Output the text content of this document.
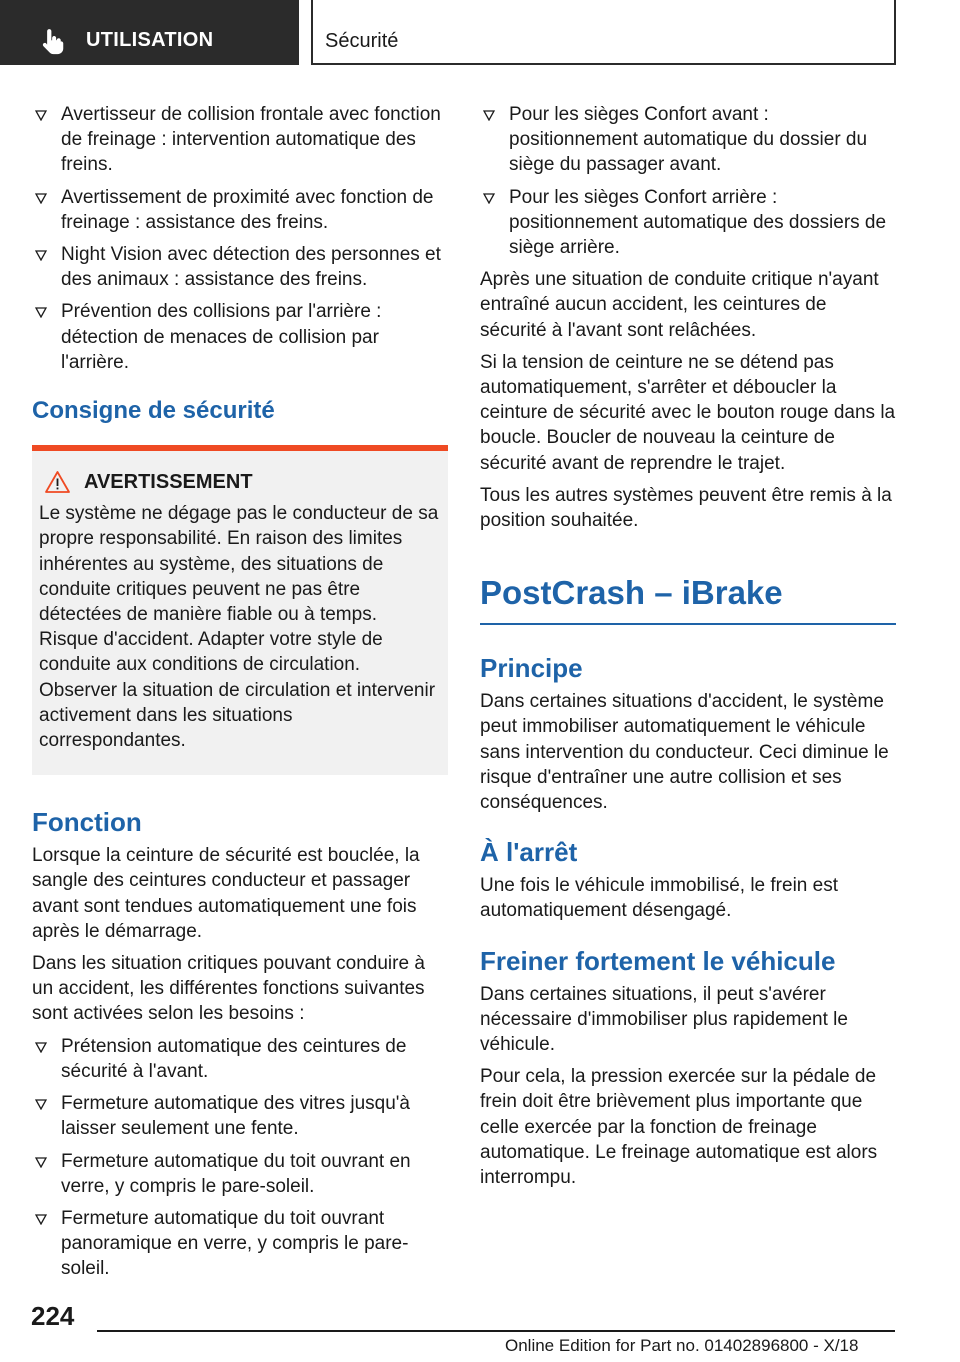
UTILISATION	Sécurité
Avertisseur de collision frontale avec fonction de freinage : intervention automatique des freins.
Avertissement de proximité avec fonction de freinage : assistance des freins.
Night Vision avec détection des personnes et des animaux : assistance des freins.
Prévention des collisions par l'arrière : détection de menaces de collision par l'arrière.
Consigne de sécurité
AVERTISSEMENT
Le système ne dégage pas le conducteur de sa propre responsabilité. En raison des limites inhérentes au système, des situations de conduite critiques peuvent ne pas être détectées de manière fiable ou à temps. Risque d'accident. Adapter votre style de conduite aux conditions de circulation. Observer la situation de circulation et intervenir activement dans les situations correspondantes.
Fonction
Lorsque la ceinture de sécurité est bouclée, la sangle des ceintures conducteur et passager avant sont tendues automatiquement une fois après le démarrage.
Dans les situation critiques pouvant conduire à un accident, les différentes fonctions suivantes sont activées selon les besoins :
Prétension automatique des ceintures de sécurité à l'avant.
Fermeture automatique des vitres jusqu'à laisser seulement une fente.
Fermeture automatique du toit ouvrant en verre, y compris le pare-soleil.
Fermeture automatique du toit ouvrant panoramique en verre, y compris le pare-soleil.
Pour les sièges Confort avant : positionnement automatique du dossier du siège du passager avant.
Pour les sièges Confort arrière : positionnement automatique des dossiers de siège arrière.
Après une situation de conduite critique n'ayant entraîné aucun accident, les ceintures de sécurité à l'avant sont relâchées.
Si la tension de ceinture ne se détend pas automatiquement, s'arrêter et déboucler la ceinture de sécurité avec le bouton rouge dans la boucle. Boucler de nouveau la ceinture de sécurité avant de reprendre le trajet.
Tous les autres systèmes peuvent être remis à la position souhaitée.
PostCrash – iBrake
Principe
Dans certaines situations d'accident, le système peut immobiliser automatiquement le véhicule sans intervention du conducteur. Ceci diminue le risque d'entraîner une autre collision et ses conséquences.
À l'arrêt
Une fois le véhicule immobilisé, le frein est automatiquement désengagé.
Freiner fortement le véhicule
Dans certaines situations, il peut s'avérer nécessaire d'immobiliser plus rapidement le véhicule.
Pour cela, la pression exercée sur la pédale de frein doit être brièvement plus importante que celle exercée par la fonction de freinage automatique. Le freinage automatique est alors interrompu.
224
Online Edition for Part no. 01402896800 - X/18
